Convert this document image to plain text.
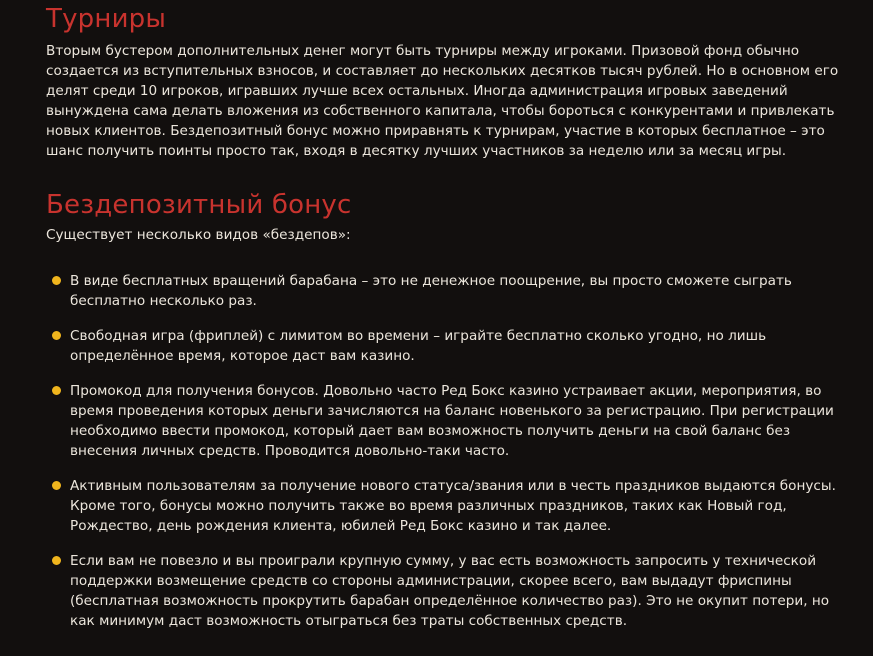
Турниры

Вторым бустером дополнительных денег могут быть турниры между игроками. Призовой фонд обычно создается из вступительных взносов, и составляет до нескольких десятков тысяч рублей. Но в основном его делят среди 10 игроков, игравших лучше всех остальных. Иногда администрация игровых заведений вынуждена сама делать вложения из собственного капитала, чтобы бороться с конкурентами и привлекать новых клиентов. Бездепозитный бонус можно приравнять к турнирам, участие в которых бесплатное – это шанс получить поинты просто так, входя в десятку лучших участников за неделю или за месяц игры.

Бездепозитный бонус

Существует несколько видов «бездепов»:

В виде бесплатных вращений барабана – это не денежное поощрение, вы просто сможете сыграть бесплатно несколько раз.
Свободная игра (фриплей) с лимитом во времени – играйте бесплатно сколько угодно, но лишь определённое время, которое даст вам казино.
Промокод для получения бонусов. Довольно часто Ред Бокс казино устраивает акции, мероприятия, во время проведения которых деньги зачисляются на баланс новенького за регистрацию. При регистрации необходимо ввести промокод, который дает вам возможность получить деньги на свой баланс без внесения личных средств. Проводится довольно-таки часто.
Активным пользователям за получение нового статуса/звания или в честь праздников выдаются бонусы. Кроме того, бонусы можно получить также во время различных праздников, таких как Новый год, Рождество, день рождения клиента, юбилей Ред Бокс казино и так далее.
Если вам не повезло и вы проиграли крупную сумму, у вас есть возможность запросить у технической поддержки возмещение средств со стороны администрации, скорее всего, вам выдадут фриспины (бесплатная возможность прокрутить барабан определённое количество раз). Это не окупит потери, но как минимум даст возможность отыграться без траты собственных средств.
